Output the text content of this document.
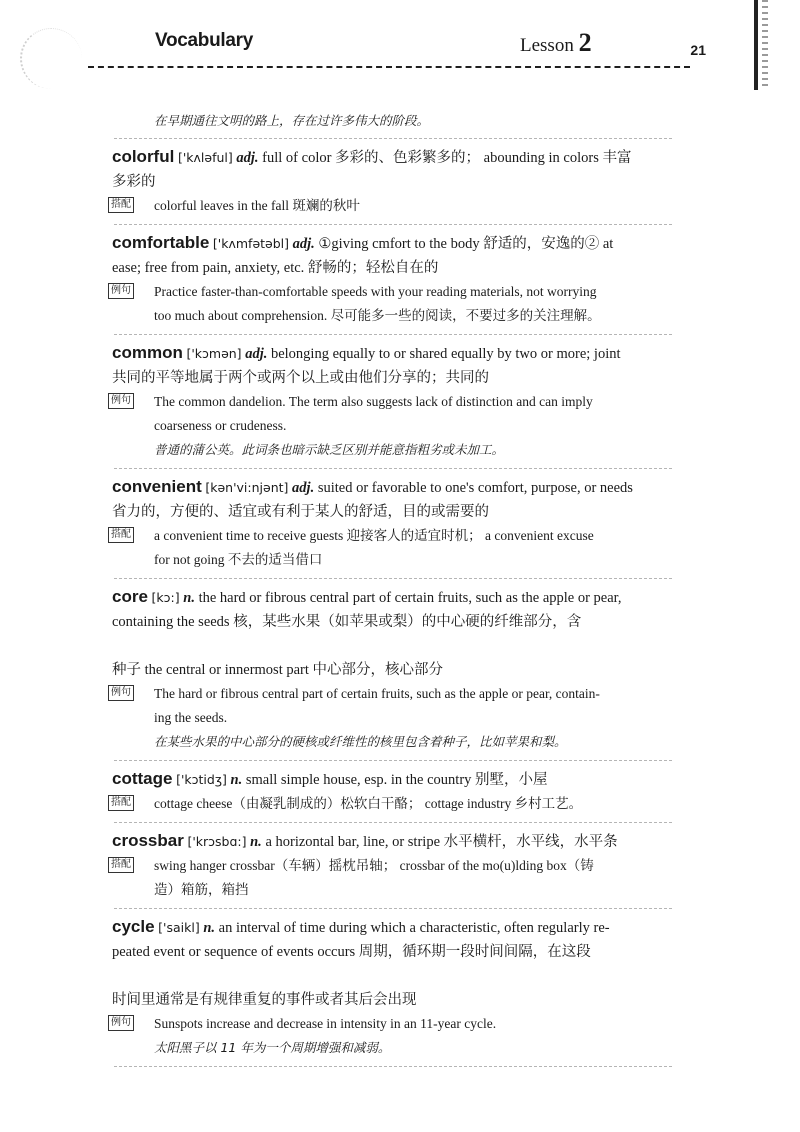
Vocabulary	Lesson 2	21
在早期通往文明的路上，存在过许多伟大的阶段。

colorful ['kʌləful] adj. full of color 多彩的、色彩繁多的； abounding in colors 丰富

多彩的

搭配 colorful leaves in the fall 斑斓的秋叶

comfortable ['kʌmfətəbl] adj. ①giving cmfort to the body 舒适的，安逸的② at

ease; free from pain, anxiety, etc. 舒畅的；轻松自在的

例句 Practice faster-than-comfortable speeds with your reading materials, not worrying
too much about comprehension. 尽可能多一些的阅读，不要过多的关注理解。

common ['kɔmən] adj. belonging equally to or shared equally by two or more; joint

共同的平等地属于两个或两个以上或由他们分享的；共同的

例句 The common dandelion. The term also suggests lack of distinction and can imply
coarseness or crudeness.
普通的蒲公英。此词条也暗示缺乏区别并能意指粗劣或未加工。

convenient [kən'vi:njənt] adj. suited or favorable to one's comfort, purpose, or needs

省力的，方便的、适宜或有利于某人的舒适，目的或需要的

搭配 a convenient time to receive guests 迎接客人的适宜时机； a convenient excuse
for not going 不去的适当借口

core [kɔ:] n. the hard or fibrous central part of certain fruits, such as the apple or pear,

containing the seeds 核，某些水果（如苹果或梨）的中心硬的纤维部分，含

种子 the central or innermost part 中心部分，核心部分

例句 The hard or fibrous central part of certain fruits, such as the apple or pear, contain-
ing the seeds.
在某些水果的中心部分的硬核或纤维性的核里包含着种子，比如苹果和梨。

cottage ['kɔtidʒ] n. small simple house, esp. in the country 别墅，小屋

搭配 cottage cheese（由凝乳制成的）松软白干酪； cottage industry 乡村工艺。

crossbar ['krɔsbɑ:] n. a horizontal bar, line, or stripe 水平横杆，水平线，水平条

搭配 swing hanger crossbar（车辆）摇枕吊轴； crossbar of the mo(u)lding box（铸
造）箱筋，箱挡

cycle ['saikl] n. an interval of time during which a characteristic, often regularly re-

peated event or sequence of events occurs 周期，循环期一段时间间隔，在这段

时间里通常是有规律重复的事件或者其后会出现

例句 Sunspots increase and decrease in intensity in an 11-year cycle.
太阳黑子以 11 年为一个周期增强和减弱。
